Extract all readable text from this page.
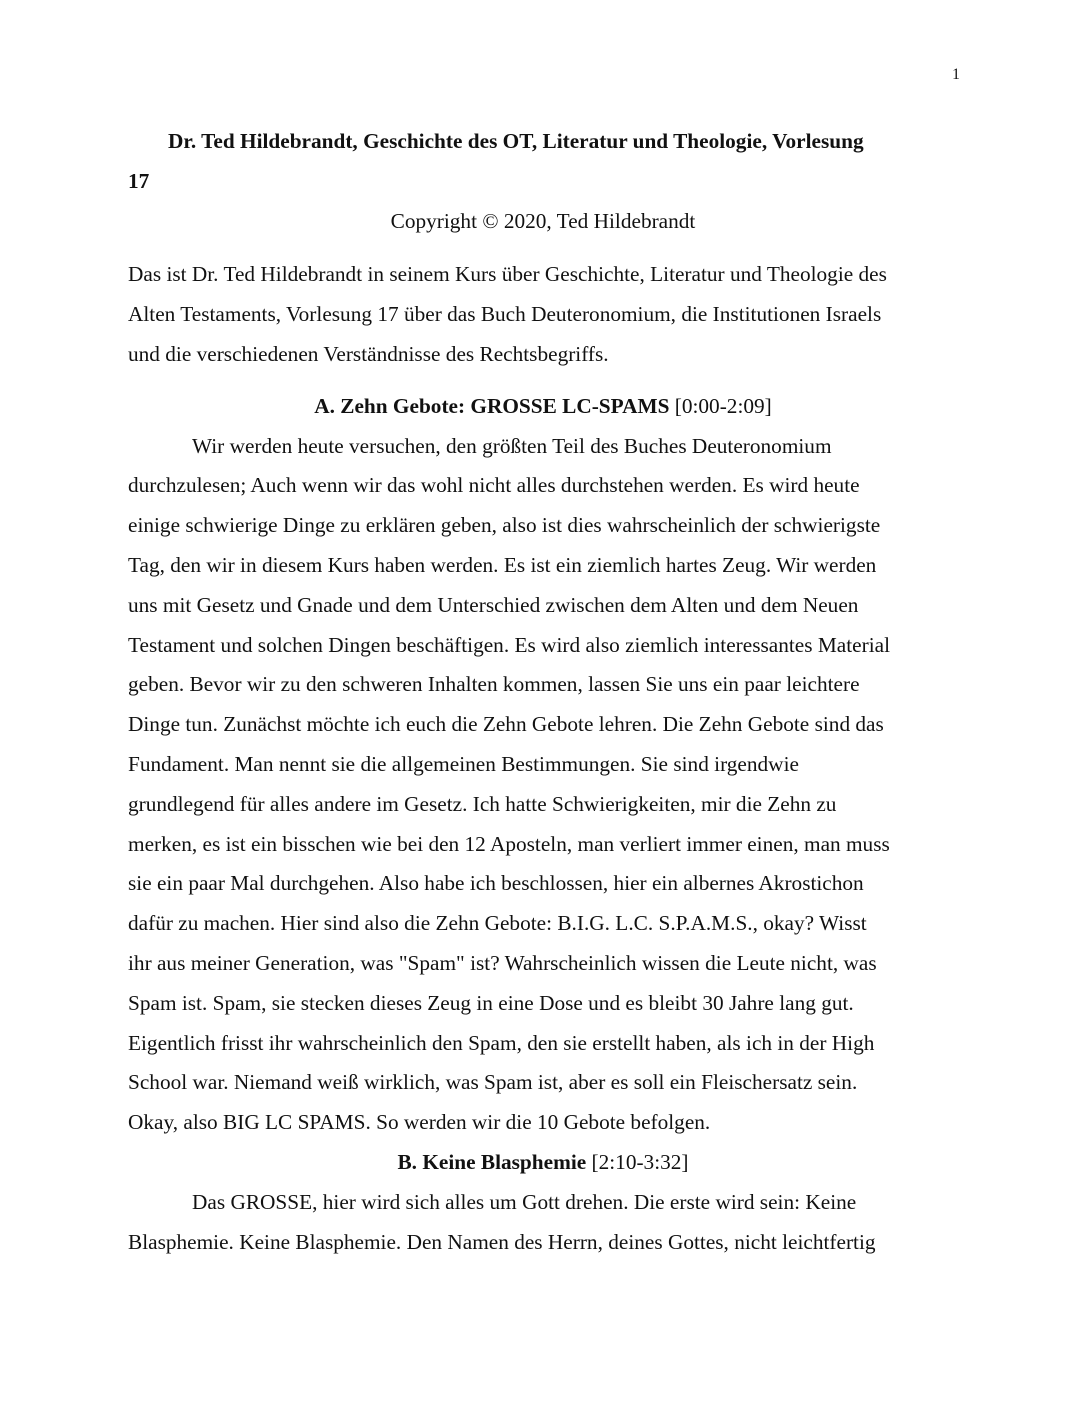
1
Dr. Ted Hildebrandt, Geschichte des OT, Literatur und Theologie, Vorlesung
17
Copyright © 2020, Ted Hildebrandt
Das ist Dr. Ted Hildebrandt in seinem Kurs über Geschichte, Literatur und Theologie des
Alten Testaments, Vorlesung 17 über das Buch Deuteronomium, die Institutionen Israels
und die verschiedenen Verständnisse des Rechtsbegriffs.
A. Zehn Gebote: GROSSE LC-SPAMS [0:00-2:09]
Wir werden heute versuchen, den größten Teil des Buches Deuteronomium
durchzulesen; Auch wenn wir das wohl nicht alles durchstehen werden. Es wird heute
einige schwierige Dinge zu erklären geben, also ist dies wahrscheinlich der schwierigste
Tag, den wir in diesem Kurs haben werden. Es ist ein ziemlich hartes Zeug. Wir werden
uns mit Gesetz und Gnade und dem Unterschied zwischen dem Alten und dem Neuen
Testament und solchen Dingen beschäftigen. Es wird also ziemlich interessantes Material
geben. Bevor wir zu den schweren Inhalten kommen, lassen Sie uns ein paar leichtere
Dinge tun. Zunächst möchte ich euch die Zehn Gebote lehren. Die Zehn Gebote sind das
Fundament. Man nennt sie die allgemeinen Bestimmungen. Sie sind irgendwie
grundlegend für alles andere im Gesetz. Ich hatte Schwierigkeiten, mir die Zehn zu
merken, es ist ein bisschen wie bei den 12 Aposteln, man verliert immer einen, man muss
sie ein paar Mal durchgehen. Also habe ich beschlossen, hier ein albernes Akrostichon
dafür zu machen. Hier sind also die Zehn Gebote: B.I.G. L.C. S.P.A.M.S., okay? Wisst
ihr aus meiner Generation, was "Spam" ist? Wahrscheinlich wissen die Leute nicht, was
Spam ist. Spam, sie stecken dieses Zeug in eine Dose und es bleibt 30 Jahre lang gut.
Eigentlich frisst ihr wahrscheinlich den Spam, den sie erstellt haben, als ich in der High
School war. Niemand weiß wirklich, was Spam ist, aber es soll ein Fleischersatz sein.
Okay, also BIG LC SPAMS. So werden wir die 10 Gebote befolgen.
B. Keine Blasphemie [2:10-3:32]
Das GROSSE, hier wird sich alles um Gott drehen. Die erste wird sein: Keine
Blasphemie. Keine Blasphemie. Den Namen des Herrn, deines Gottes, nicht leichtfertig
